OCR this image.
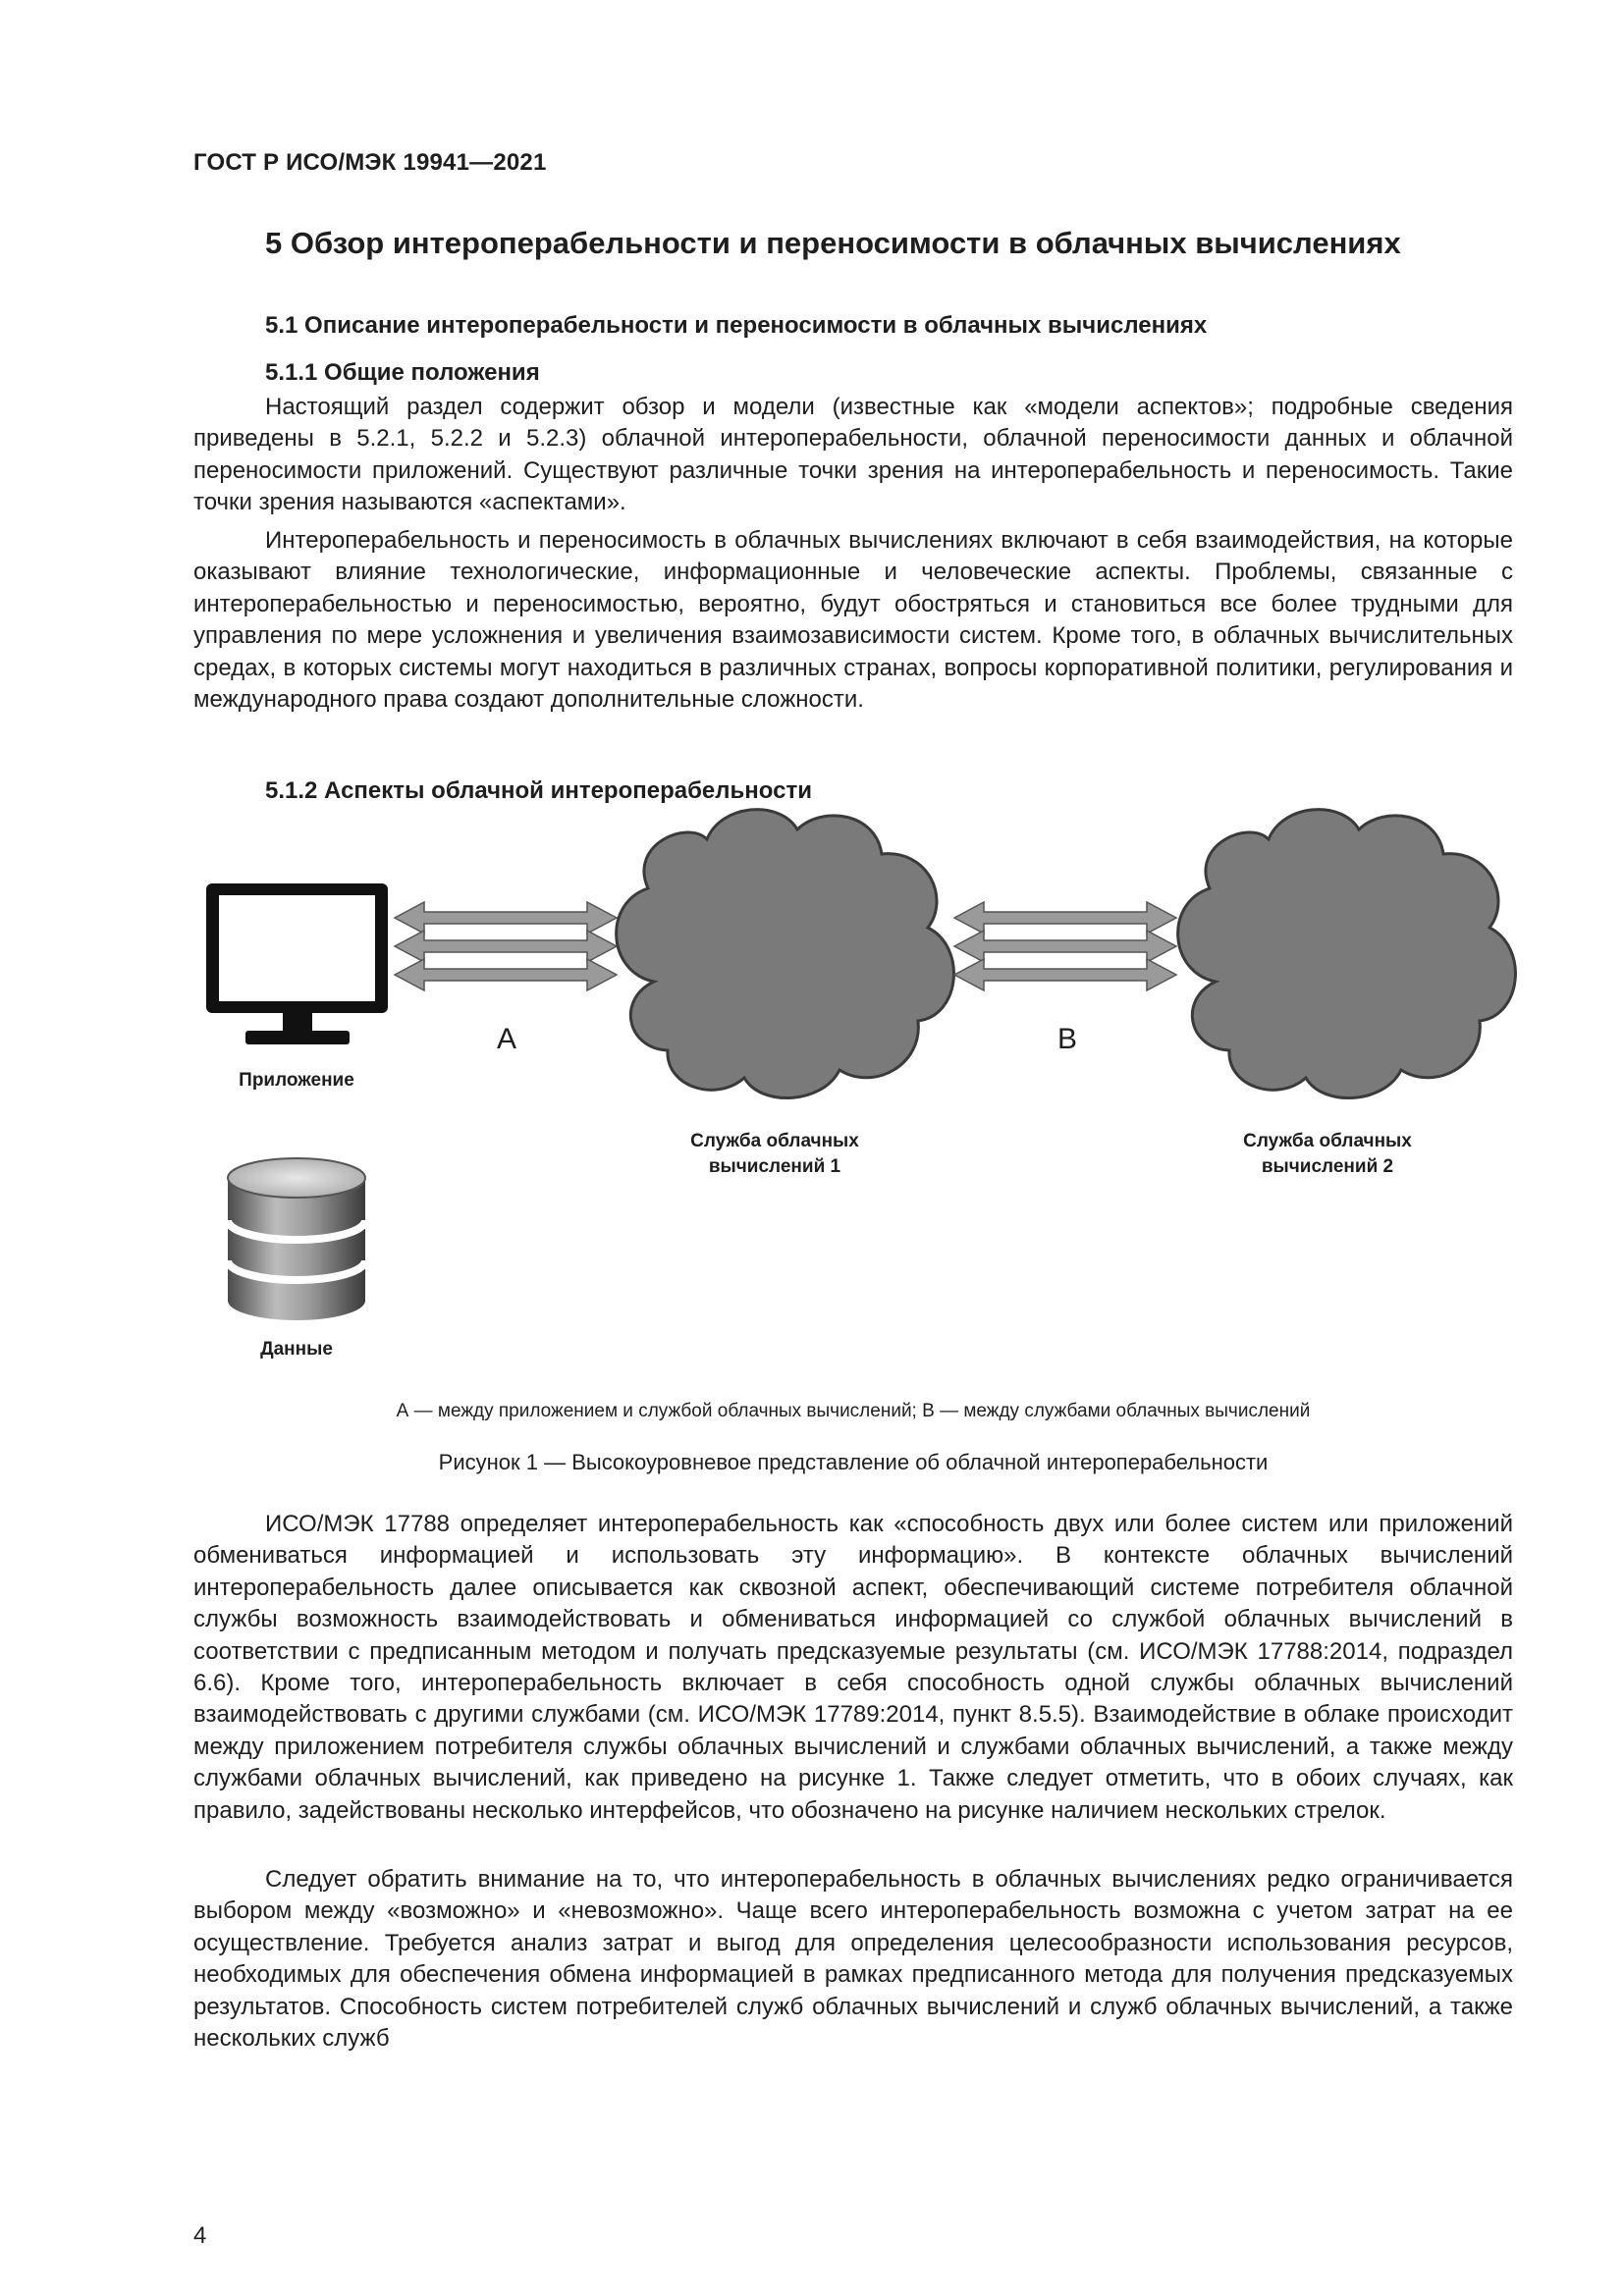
ГОСТ Р ИСО/МЭК 19941—2021
5 Обзор интероперабельности и переносимости в облачных вычислениях
5.1 Описание интероперабельности и переносимости в облачных вычислениях
5.1.1 Общие положения

Настоящий раздел содержит обзор и модели (известные как «модели аспектов»; подробные сведения приведены в 5.2.1, 5.2.2 и 5.2.3) облачной интероперабельности, облачной переносимости данных и облачной переносимости приложений. Существуют различные точки зрения на интероперабельность и переносимость. Такие точки зрения называются «аспектами».

Интероперабельность и переносимость в облачных вычислениях включают в себя взаимодействия, на которые оказывают влияние технологические, информационные и человеческие аспекты. Проблемы, связанные с интероперабельностью и переносимостью, вероятно, будут обостряться и становиться все более трудными для управления по мере усложнения и увеличения взаимозависимости систем. Кроме того, в облачных вычислительных средах, в которых системы могут находиться в различных странах, вопросы корпоративной политики, регулирования и международного права создают дополнительные сложности.

5.1.2 Аспекты облачной интероперабельности
Приложение
Данные
A
Служба облачных
вычислений 1
B
Служба облачных
вычислений 2
А — между приложением и службой облачных вычислений; В — между службами облачных вычислений
Рисунок 1 — Высокоуровневое представление об облачной интероперабельности

ИСО/МЭК 17788 определяет интероперабельность как «способность двух или более систем или приложений обмениваться информацией и использовать эту информацию». В контексте облачных вычислений интероперабельность далее описывается как сквозной аспект, обеспечивающий системе потребителя облачной службы возможность взаимодействовать и обмениваться информацией со службой облачных вычислений в соответствии с предписанным методом и получать предсказуемые результаты (см. ИСО/МЭК 17788:2014, подраздел 6.6). Кроме того, интероперабельность включает в себя способность одной службы облачных вычислений взаимодействовать с другими службами (см. ИСО/МЭК 17789:2014, пункт 8.5.5). Взаимодействие в облаке происходит между приложением потребителя службы облачных вычислений и службами облачных вычислений, а также между службами облачных вычислений, как приведено на рисунке 1. Также следует отметить, что в обоих случаях, как правило, задействованы несколько интерфейсов, что обозначено на рисунке наличием нескольких стрелок.

Следует обратить внимание на то, что интероперабельность в облачных вычислениях редко ограничивается выбором между «возможно» и «невозможно». Чаще всего интероперабельность возможна с учетом затрат на ее осуществление. Требуется анализ затрат и выгод для определения целесообразности использования ресурсов, необходимых для обеспечения обмена информацией в рамках предписанного метода для получения предсказуемых результатов. Способность систем потребителей служб облачных вычислений и служб облачных вычислений, а также нескольких служб

4
